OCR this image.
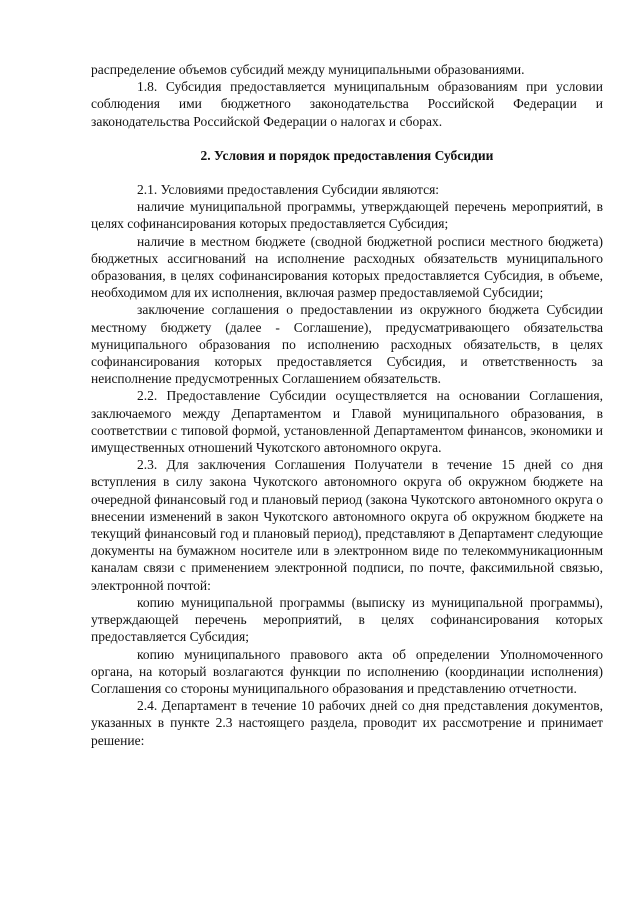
распределение объемов субсидий между муниципальными образованиями.

1.8. Субсидия предоставляется муниципальным образованиям при условии соблюдения ими бюджетного законодательства Российской Федерации и законодательства Российской Федерации о налогах и сборах.

2. Условия и порядок предоставления Субсидии

2.1. Условиями предоставления Субсидии являются:

наличие муниципальной программы, утверждающей перечень мероприятий, в целях софинансирования которых предоставляется Субсидия;

наличие в местном бюджете (сводной бюджетной росписи местного бюджета) бюджетных ассигнований на исполнение расходных обязательств муниципального образования, в целях софинансирования которых предоставляется Субсидия, в объеме, необходимом для их исполнения, включая размер предоставляемой Субсидии;

заключение соглашения о предоставлении из окружного бюджета Субсидии местному бюджету (далее - Соглашение), предусматривающего обязательства муниципального образования по исполнению расходных обязательств, в целях софинансирования которых предоставляется Субсидия, и ответственность за неисполнение предусмотренных Соглашением обязательств.

2.2. Предоставление Субсидии осуществляется на основании Соглашения, заключаемого между Департаментом и Главой муниципального образования, в соответствии с типовой формой, установленной Департаментом финансов, экономики и имущественных отношений Чукотского автономного округа.

2.3. Для заключения Соглашения Получатели в течение 15 дней со дня вступления в силу закона Чукотского автономного округа об окружном бюджете на очередной финансовый год и плановый период (закона Чукотского автономного округа о внесении изменений в закон Чукотского автономного округа об окружном бюджете на текущий финансовый год и плановый период), представляют в Департамент следующие документы на бумажном носителе или в электронном виде по телекоммуникационным каналам связи с применением электронной подписи, по почте, факсимильной связью, электронной почтой:

копию муниципальной программы (выписку из муниципальной программы), утверждающей перечень мероприятий, в целях софинансирования которых предоставляется Субсидия;

копию муниципального правового акта об определении Уполномоченного органа, на который возлагаются функции по исполнению (координации исполнения) Соглашения со стороны муниципального образования и представлению отчетности.

2.4. Департамент в течение 10 рабочих дней со дня представления документов, указанных в пункте 2.3 настоящего раздела, проводит их рассмотрение и принимает решение:
